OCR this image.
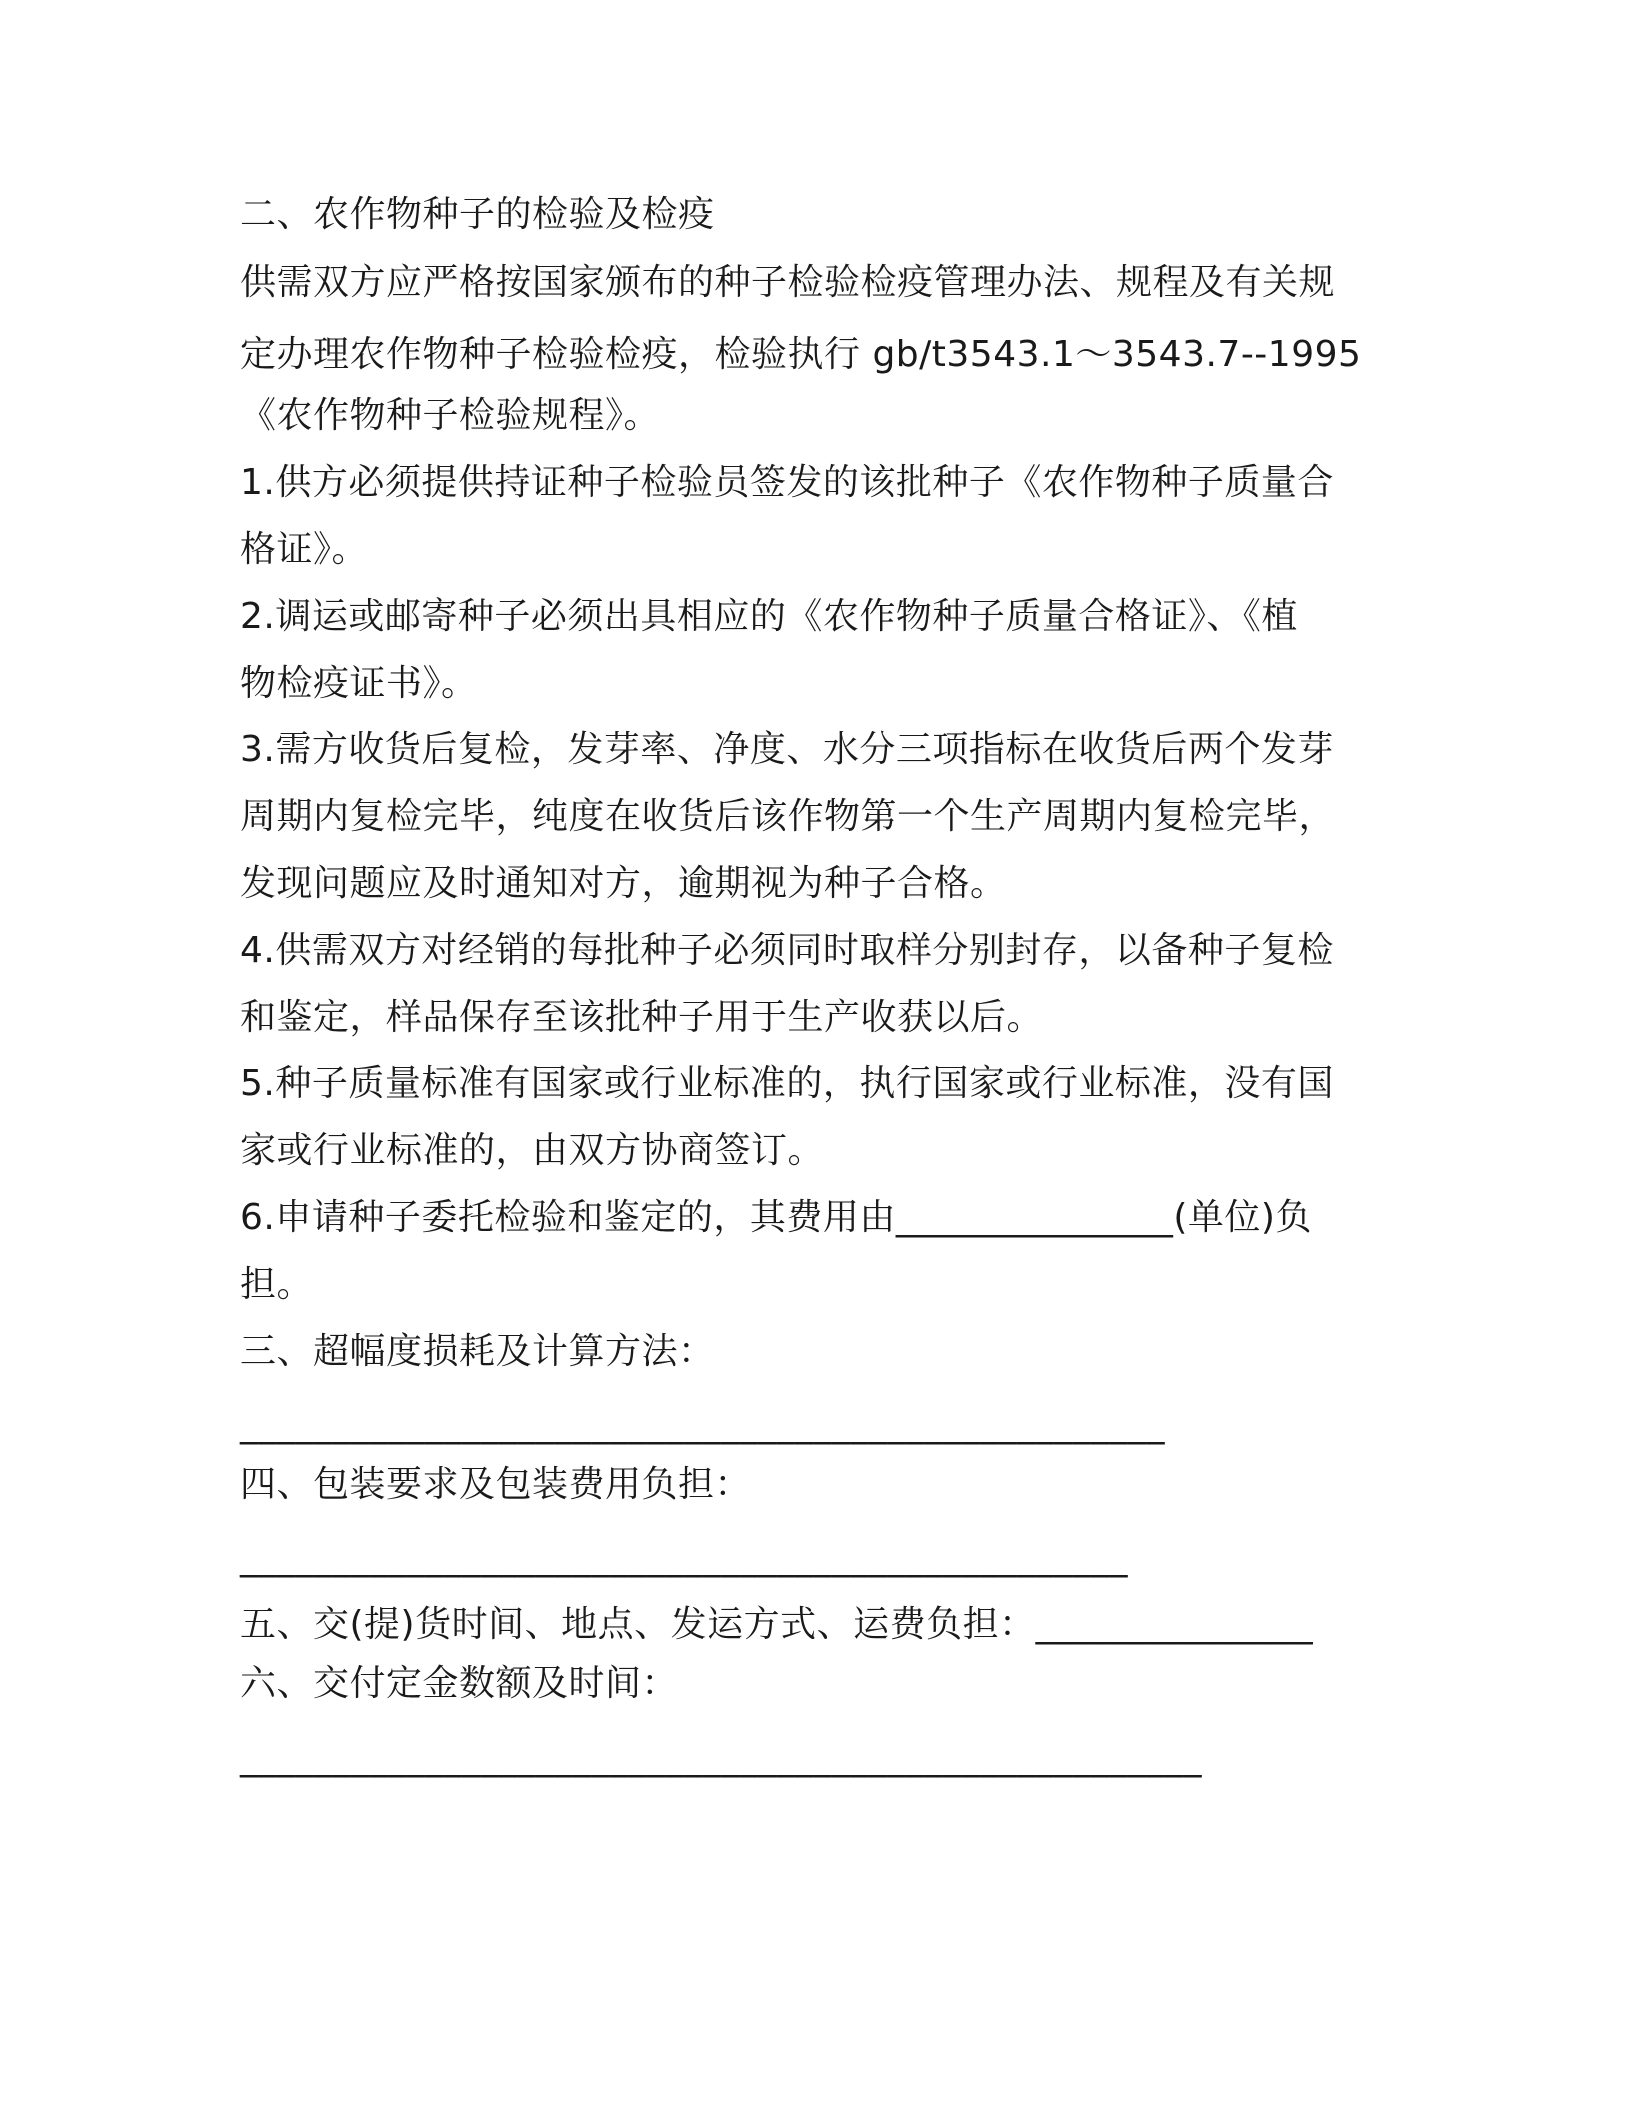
二、农作物种子的检验及检疫
供需双方应严格按国家颁布的种子检验检疫管理办法、规程及有关规
定办理农作物种子检验检疫，检验执行 gb/t3543.1～3543.7--1995
《农作物种子检验规程》。
1.供方必须提供持证种子检验员签发的该批种子《农作物种子质量合
格证》。
2.调运或邮寄种子必须出具相应的《农作物种子质量合格证》、《植
物检疫证书》。
3.需方收货后复检，发芽率、净度、水分三项指标在收货后两个发芽
周期内复检完毕，纯度在收货后该作物第一个生产周期内复检完毕，
发现问题应及时通知对方，逾期视为种子合格。
4.供需双方对经销的每批种子必须同时取样分别封存，以备种子复检
和鉴定，样品保存至该批种子用于生产收获以后。
5.种子质量标准有国家或行业标准的，执行国家或行业标准，没有国
家或行业标准的，由双方协商签订。
6.申请种子委托检验和鉴定的，其费用由_______________(单位)负
担。
三、超幅度损耗及计算方法：
__________________________________________________
四、包装要求及包装费用负担：
________________________________________________
五、交(提)货时间、地点、发运方式、运费负担：_______________
六、交付定金数额及时间：
____________________________________________________
